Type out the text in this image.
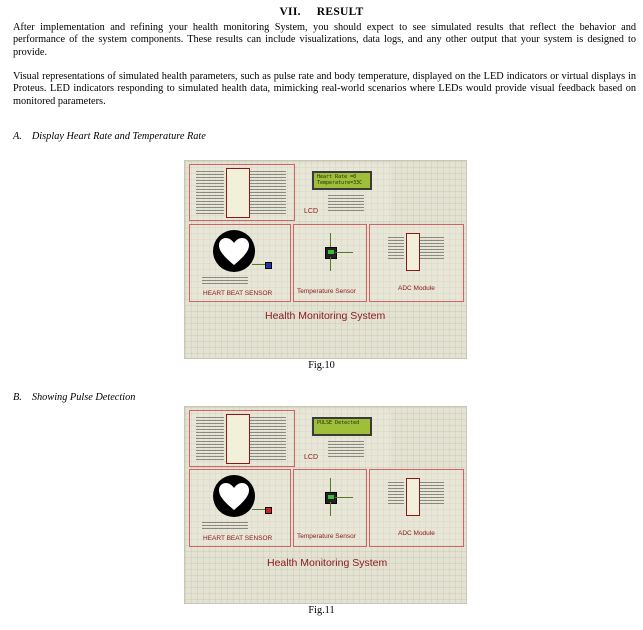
VII. RESULT

After implementation and refining your health monitoring System, you should expect to see simulated results that reflect the behavior and performance of the system components. These results can include visualizations, data logs, and any other output that your system is designed to provide.

Visual representations of simulated health parameters, such as pulse rate and body temperature, displayed on the LED indicators or virtual displays in Proteus. LED indicators responding to simulated health data, mimicking real-world scenarios where LEDs would provide visual feedback based on monitored parameters.

A. Display Heart Rate and Temperature Rate
Heart Rate =0
Temperature=33C
LCD
HEART BEAT SENSOR	Temperature Sensor	ADC Module
Health Monitoring System
Fig.10
B. Showing Pulse Detection
PULSE Detected

LCD
HEART BEAT SENSOR	Temperature Sensor	ADC Module
Health Monitoring System
Fig.11
